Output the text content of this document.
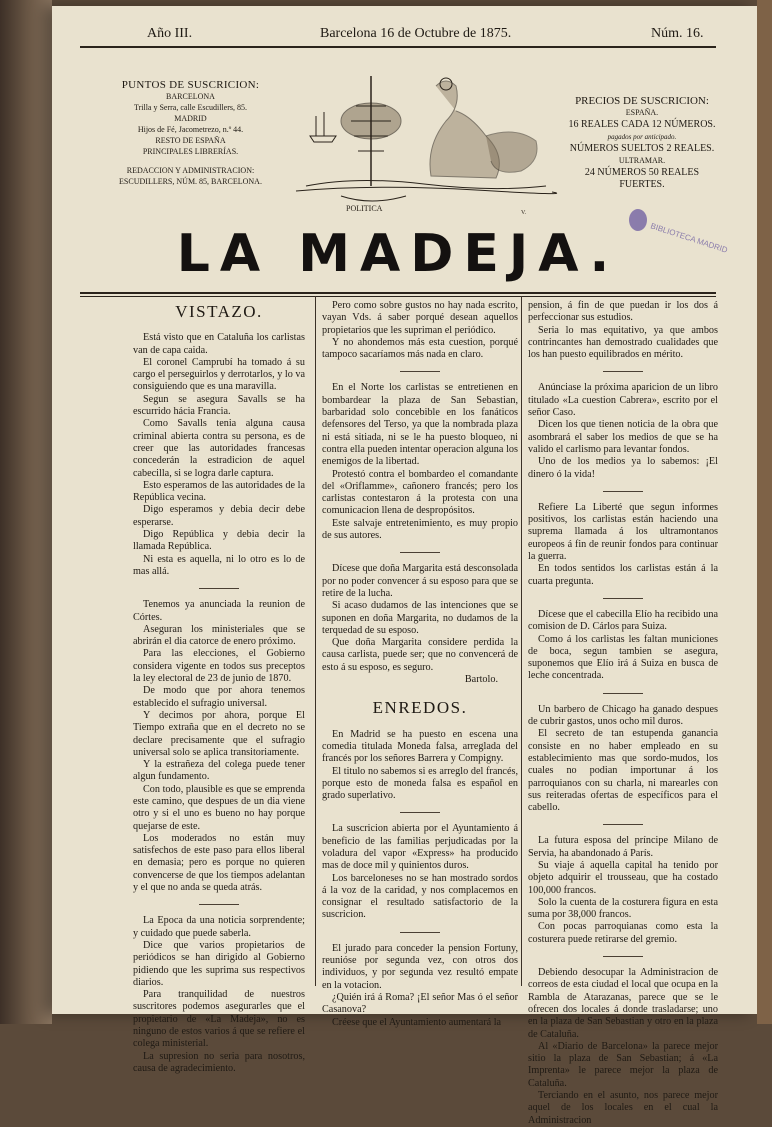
Año III.	Barcelona 16 de Octubre de 1875.	Núm. 16.
PUNTOS DE SUSCRICION:
BARCELONA
Trilla y Serra, calle Escudillers, 85.
MADRID
Hijos de Fé, Jacometrezo, n.º 44.
RESTO DE ESPAÑA
PRINCIPALES LIBRERÍAS.
REDACCION Y ADMINISTRACION:
ESCUDILLERS, NÚM. 85, BARCELONA.
POLITICA	V.
PRECIOS DE SUSCRICION:
ESPAÑA.
16 REALES CADA 12 NÚMEROS.
pagados por anticipado.
NÚMEROS SUELTOS 2 REALES.
ULTRAMAR.
24 NÚMEROS 50 REALES FUERTES.
BIBLIOTECA MADRID
LA MADEJA.
VISTAZO.

Está visto que en Cataluña los carlistas van de capa caida.

El coronel Camprubí ha tomado á su cargo el perseguirlos y derrotarlos, y lo va consiguiendo que es una maravilla.

Segun se asegura Savalls se ha escurrido hácia Francia.

Como Savalls tenia alguna causa criminal abierta contra su persona, es de creer que las autoridades francesas concederán la estradicion de aquel cabecilla, si se logra darle captura.

Esto esperamos de las autoridades de la República vecina.

Digo esperamos y debia decir debe esperarse.

Digo República y debia decir la llamada República.

Ni esta es aquella, ni lo otro es lo de mas allá.

Tenemos ya anunciada la reunion de Córtes.

Aseguran los ministeriales que se abrirán el dia catorce de enero próximo.

Para las elecciones, el Gobierno considera vigente en todos sus preceptos la ley electoral de 23 de junio de 1870.

De modo que por ahora tenemos establecido el sufragio universal.

Y decimos por ahora, porque El Tiempo extraña que en el decreto no se declare precisamente que el sufragio universal solo se aplica transitoriamente.

Y la estrañeza del colega puede tener algun fundamento.

Con todo, plausible es que se emprenda este camino, que despues de un dia viene otro y si el uno es bueno no hay porque quejarse de este.

Los moderados no están muy satisfechos de este paso para ellos liberal en demasia; pero es porque no quieren convencerse de que los tiempos adelantan y el que no anda se queda atrás.

La Epoca da una noticia sorprendente; y cuidado que puede saberla.

Dice que varios propietarios de periódicos se han dirigido al Gobierno pidiendo que les suprima sus respectivos diarios.

Para tranquilidad de nuestros suscritores podemos asegurarles que el propietario de «La Madeja», no es ninguno de estos varios á que se refiere el colega ministerial.

La supresion no seria para nosotros, causa de agradecimiento.

Pero como sobre gustos no hay nada escrito, vayan Vds. á saber porqué desean aquellos propietarios que les supriman el periódico.

Y no ahondemos más esta cuestion, porqué tampoco sacaríamos más nada en claro.

En el Norte los carlistas se entretienen en bombardear la plaza de San Sebastian, barbaridad solo concebible en los fanáticos defensores del Terso, ya que la nombrada plaza ni está sitiada, ni se le ha puesto bloqueo, ni contra ella pueden intentar operacion alguna los enemigos de la libertad.

Protestó contra el bombardeo el comandante del «Oriflamme», cañonero francés; pero los carlistas contestaron á la protesta con una comunicacion llena de despropósitos.

Este salvaje entretenimiento, es muy propio de sus autores.

Dícese que doña Margarita está desconsolada por no poder convencer á su esposo para que se retire de la lucha.

Si acaso dudamos de las intenciones que se suponen en doña Margarita, no dudamos de la terquedad de su esposo.

Que doña Margarita considere perdida la causa carlista, puede ser; que no convencerá de esto á su esposo, es seguro.

Bartolo.

ENREDOS.

En Madrid se ha puesto en escena una comedia titulada Moneda falsa, arreglada del francés por los señores Barrera y Compigny.

El titulo no sabemos si es arreglo del francés, porque esto de moneda falsa es español en grado superlativo.

La suscricion abierta por el Ayuntamiento á beneficio de las familias perjudicadas por la voladura del vapor «Express» ha producido mas de doce mil y quinientos duros.

Los barceloneses no se han mostrado sordos á la voz de la caridad, y nos complacemos en consignar el resultado satisfactorio de la suscricion.

El jurado para conceder la pension Fortuny, reunióse por segunda vez, con otros dos individuos, y por segunda vez resultó empate en la votacion.

¿Quién irá á Roma? ¡El señor Mas ó el señor Casanova?

Créese que el Ayuntamiento aumentará la

pension, á fin de que puedan ir los dos á perfeccionar sus estudios.

Seria lo mas equitativo, ya que ambos contrincantes han demostrado cualidades que los han puesto equilibrados en mérito.

Anúnciase la próxima aparicion de un libro titulado «La cuestion Cabrera», escrito por el señor Caso.

Dicen los que tienen noticia de la obra que asombrará el saber los medios de que se ha valido el carlismo para levantar fondos.

Uno de los medios ya lo sabemos: ¡El dinero ó la vida!

Refiere La Liberté que segun informes positivos, los carlistas están haciendo una suprema llamada á los ultramontanos europeos á fin de reunir fondos para continuar la guerra.

En todos sentidos los carlistas están á la cuarta pregunta.

Dícese que el cabecilla Elío ha recibido una comision de D. Cárlos para Suiza.

Como á los carlistas les faltan municiones de boca, segun tambien se asegura, suponemos que Elío irá á Suiza en busca de leche concentrada.

Un barbero de Chicago ha ganado despues de cubrir gastos, unos ocho mil duros.

El secreto de tan estupenda ganancia consiste en no haber empleado en su establecimiento mas que sordo-mudos, los cuales no podian importunar á los parroquianos con su charla, ni marearles con sus reiteradas ofertas de específicos para el cabello.

La futura esposa del príncipe Milano de Servia, ha abandonado á París.

Su viaje á aquella capital ha tenido por objeto adquirir el trousseau, que ha costado 100,000 francos.

Solo la cuenta de la costurera figura en esta suma por 38,000 francos.

Con pocas parroquianas como esta la costurera puede retirarse del gremio.

Debiendo desocupar la Administracion de correos de esta ciudad el local que ocupa en la Rambla de Atarazanas, parece que se le ofrecen dos locales á donde trasladarse; uno en la plaza de San Sebastian y otro en la plaza de Cataluña.

Al «Diario de Barcelona» la parece mejor sitio la plaza de San Sebastian; á «La Imprenta» le parece mejor la plaza de Cataluña.

Terciando en el asunto, nos parece mejor aquel de los locales en el cual la Administracion
